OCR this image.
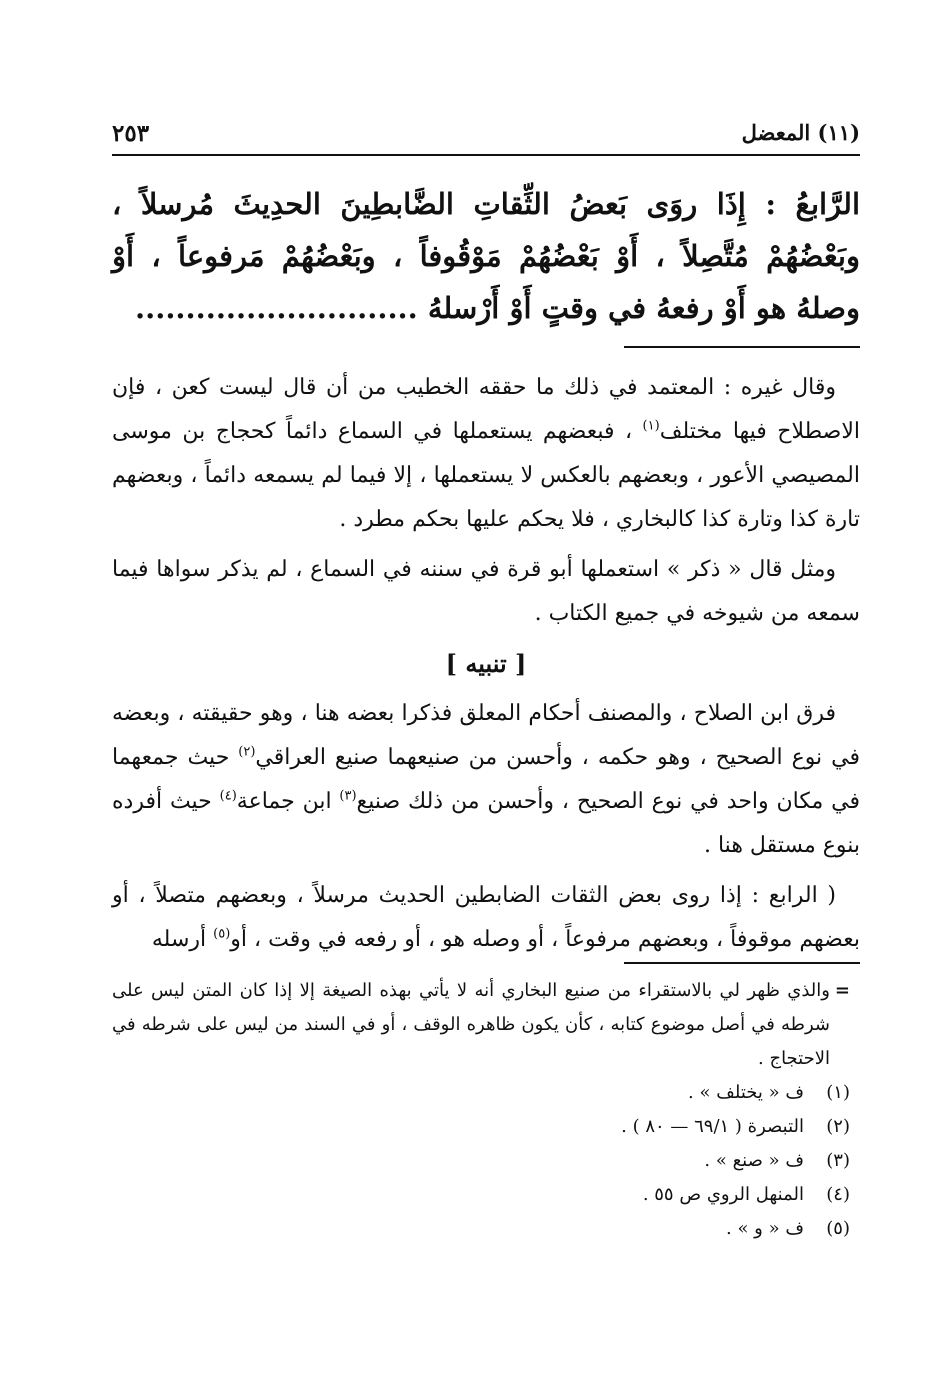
(١١) المعضل
٢٥٣
الرَّابعُ : إِذَا روَى بَعضُ الثِّقاتِ الضَّابطِينَ الحدِيثَ مُرسلاً ، وبَعْضُهُمْ مُتَّصِلاً ، أَوْ بَعْضُهُمْ مَوْقُوفاً ، وبَعْضُهُمْ مَرفوعاً ، أَوْ وصلهُ هو أَوْ رفعهُ في وقتٍ أَوْ أَرْسلهُ ............................

وقال غيره : المعتمد في ذلك ما حققه الخطيب من أن قال ليست كعن ، فإن الاصطلاح فيها مختلف$^{(١)}$ ، فبعضهم يستعملها في السماع دائماً كحجاج بن موسى المصيصي الأعور ، وبعضهم بالعكس لا يستعملها ، إلا فيما لم يسمعه دائماً ، وبعضهم تارة كذا وتارة كذا كالبخاري ، فلا يحكم عليها بحكم مطرد .

ومثل قال « ذكر » استعملها أبو قرة في سننه في السماع ، لم يذكر سواها فيما سمعه من شيوخه في جميع الكتاب .

[ تنبيه ]

فرق ابن الصلاح ، والمصنف أحكام المعلق فذكرا بعضه هنا ، وهو حقيقته ، وبعضه في نوع الصحيح ، وهو حكمه ، وأحسن من صنيعهما صنيع العراقي$^{(٢)}$ حيث جمعهما في مكان واحد في نوع الصحيح ، وأحسن من ذلك صنيع$^{(٣)}$ ابن جماعة$^{(٤)}$ حيث أفرده بنوع مستقل هنا .

( الرابع : إذا روى بعض الثقات الضابطين الحديث مرسلاً ، وبعضهم متصلاً ، أو بعضهم موقوفاً ، وبعضهم مرفوعاً ، أو وصله هو ، أو رفعه في وقت ، أو$^{(٥)}$ أرسله

=

والذي ظهر لي بالاستقراء من صنيع البخاري أنه لا يأتي بهذه الصيغة إلا إذا كان المتن ليس على شرطه في أصل موضوع كتابه ، كأن يكون ظاهره الوقف ، أو في السند من ليس على شرطه في الاحتجاج .

(١)
ف « يختلف » .
(٢)
التبصرة ( ٦٩/١ — ٨٠ ) .
(٣)
ف « صنع » .
(٤)
المنهل الروي ص ٥٥ .
(٥)
ف « و » .
